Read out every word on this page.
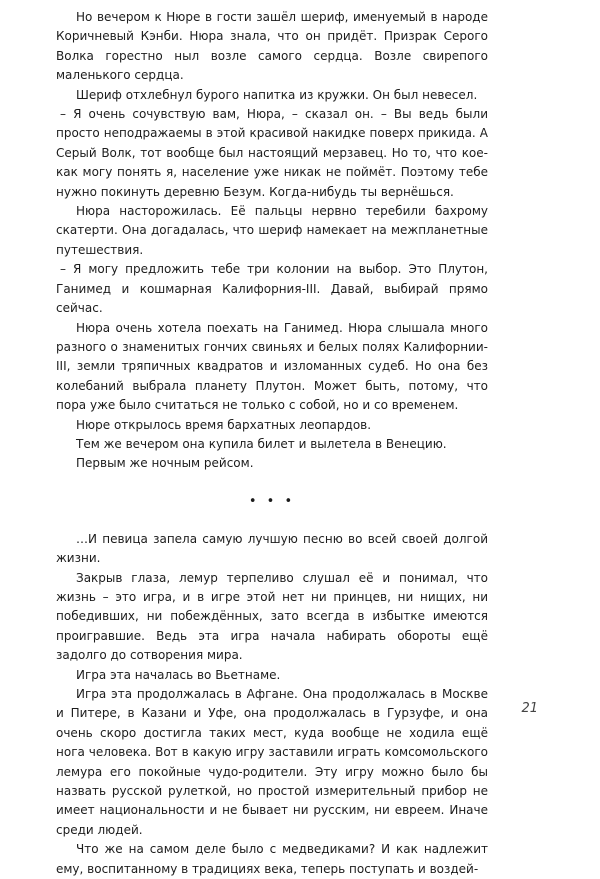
Но вечером к Нюре в гости зашёл шериф, именуемый в народе Коричневый Кэнби. Нюра знала, что он придёт. Призрак Серого Волка горестно ныл возле самого сердца. Возле свирепого маленького сердца.

Шериф отхлебнул бурого напитка из кружки. Он был невесел.

– Я очень сочувствую вам, Нюра, – сказал он. – Вы ведь были просто неподражаемы в этой красивой накидке поверх прикида. А Серый Волк, тот вообще был настоящий мерзавец. Но то, что кое-как могу понять я, население уже никак не поймёт. Поэтому тебе нужно покинуть деревню Безум. Когда-нибудь ты вернёшься.

Нюра насторожилась. Её пальцы нервно теребили бахрому скатерти. Она догадалась, что шериф намекает на межпланетные путешествия.

– Я могу предложить тебе три колонии на выбор. Это Плутон, Ганимед и кошмарная Калифорния-III. Давай, выбирай прямо сейчас.

Нюра очень хотела поехать на Ганимед. Нюра слышала много разного о знаменитых гончих свиньях и белых полях Калифорнии-III, земли тряпичных квадратов и изломанных судеб. Но она без колебаний выбрала планету Плутон. Может быть, потому, что пора уже было считаться не только с собой, но и со временем.

Нюре открылось время бархатных леопардов.

Тем же вечером она купила билет и вылетела в Венецию.

Первым же ночным рейсом.

• • •

…И певица запела самую лучшую песню во всей своей долгой жизни.

Закрыв глаза, лемур терпеливо слушал её и понимал, что жизнь – это игра, и в игре этой нет ни принцев, ни нищих, ни победивших, ни побеждённых, зато всегда в избытке имеются проигравшие. Ведь эта игра начала набирать обороты ещё задолго до сотворения мира.

Игра эта началась во Вьетнаме.

Игра эта продолжалась в Афгане. Она продолжалась в Москве и Питере, в Казани и Уфе, она продолжалась в Гурзуфе, и она очень скоро достигла таких мест, куда вообще не ходила ещё нога человека. Вот в какую игру заставили играть комсомольского лемура его покойные чудо-родители. Эту игру можно было бы назвать русской рулеткой, но простой измерительный прибор не имеет национальности и не бывает ни русским, ни евреем. Иначе среди людей.

Что же на самом деле было с медведиками? И как надлежит ему, воспитанному в традициях века, теперь поступать и воздей-

21
